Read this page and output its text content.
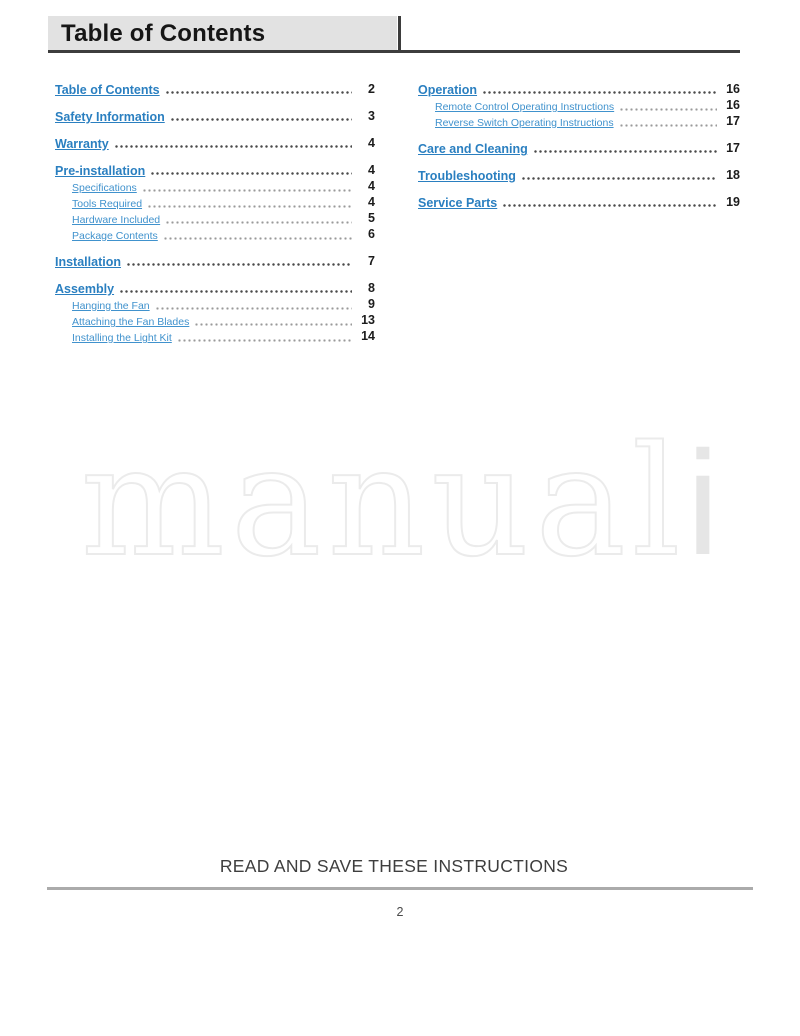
Table of Contents
Table of Contents	2
Safety Information	3
Warranty	4
Pre-installation	4
Specifications	4
Tools Required	4
Hardware Included	5
Package Contents	6
Installation	7
Assembly	8
Hanging the Fan	9
Attaching the Fan Blades	13
Installing the Light Kit	14
Operation	16
Remote Control Operating Instructions	16
Reverse Switch Operating Instructions	17
Care and Cleaning	17
Troubleshooting	18
Service Parts	19
manuali
READ AND SAVE THESE INSTRUCTIONS
2
